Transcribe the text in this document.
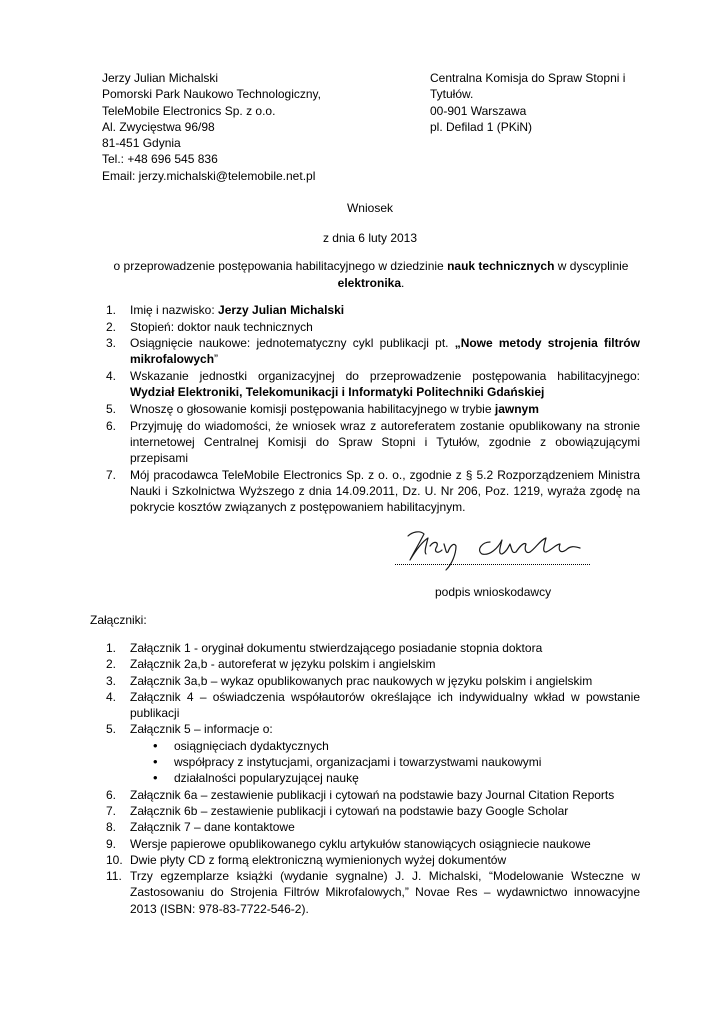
Jerzy Julian Michalski
Pomorski Park Naukowo Technologiczny,
TeleMobile Electronics Sp. z o.o.
Al. Zwycięstwa 96/98
81-451 Gdynia
Tel.: +48 696 545 836
Email: jerzy.michalski@telemobile.net.pl
Centralna Komisja do Spraw Stopni i Tytułów.
00-901 Warszawa
pl. Defilad 1 (PKiN)
Wniosek
z dnia 6 luty 2013
o przeprowadzenie postępowania habilitacyjnego w dziedzinie nauk technicznych w dyscyplinie elektronika.
1. Imię i nazwisko: Jerzy Julian Michalski
2. Stopień: doktor nauk technicznych
3. Osiągnięcie naukowe: jednotematyczny cykl publikacji pt. „Nowe metody strojenia filtrów mikrofalowych”
4. Wskazanie jednostki organizacyjnej do przeprowadzenie postępowania habilitacyjnego: Wydział Elektroniki, Telekomunikacji i Informatyki Politechniki Gdańskiej
5. Wnoszę o głosowanie komisji postępowania habilitacyjnego w trybie jawnym
6. Przyjmuję do wiadomości, że wniosek wraz z autoreferatem zostanie opublikowany na stronie internetowej Centralnej Komisji do Spraw Stopni i Tytułów, zgodnie z obowiązującymi przepisami
7. Mój pracodawca TeleMobile Electronics Sp. z o. o., zgodnie z § 5.2 Rozporządzeniem Ministra Nauki i Szkolnictwa Wyższego z dnia 14.09.2011, Dz. U. Nr 206, Poz. 1219, wyraża zgodę na pokrycie kosztów związanych z postępowaniem habilitacyjnym.
podpis wnioskodawcy
Załączniki:
1. Załącznik 1 - oryginał dokumentu stwierdzającego posiadanie stopnia doktora
2. Załącznik 2a,b - autoreferat w języku polskim i angielskim
3. Załącznik 3a,b – wykaz opublikowanych prac naukowych w języku polskim i angielskim
4. Załącznik 4 – oświadczenia współautorów określające ich indywidualny wkład w powstanie publikacji
5. Załącznik 5 – informacje o:
• osiągnięciach dydaktycznych
• współpracy z instytucjami, organizacjami i towarzystwami naukowymi
• działalności popularyzującej naukę
6. Załącznik 6a – zestawienie publikacji i cytowań na podstawie bazy Journal Citation Reports
7. Załącznik 6b – zestawienie publikacji i cytowań na podstawie bazy Google Scholar
8. Załącznik 7 – dane kontaktowe
9. Wersje papierowe opublikowanego cyklu artykułów stanowiących osiągniecie naukowe
10. Dwie płyty CD z formą elektroniczną wymienionych wyżej dokumentów
11. Trzy egzemplarze książki (wydanie sygnalne) J. J. Michalski, “Modelowanie Wsteczne w Zastosowaniu do Strojenia Filtrów Mikrofalowych,” Novae Res – wydawnictwo innowacyjne 2013 (ISBN: 978-83-7722-546-2).
